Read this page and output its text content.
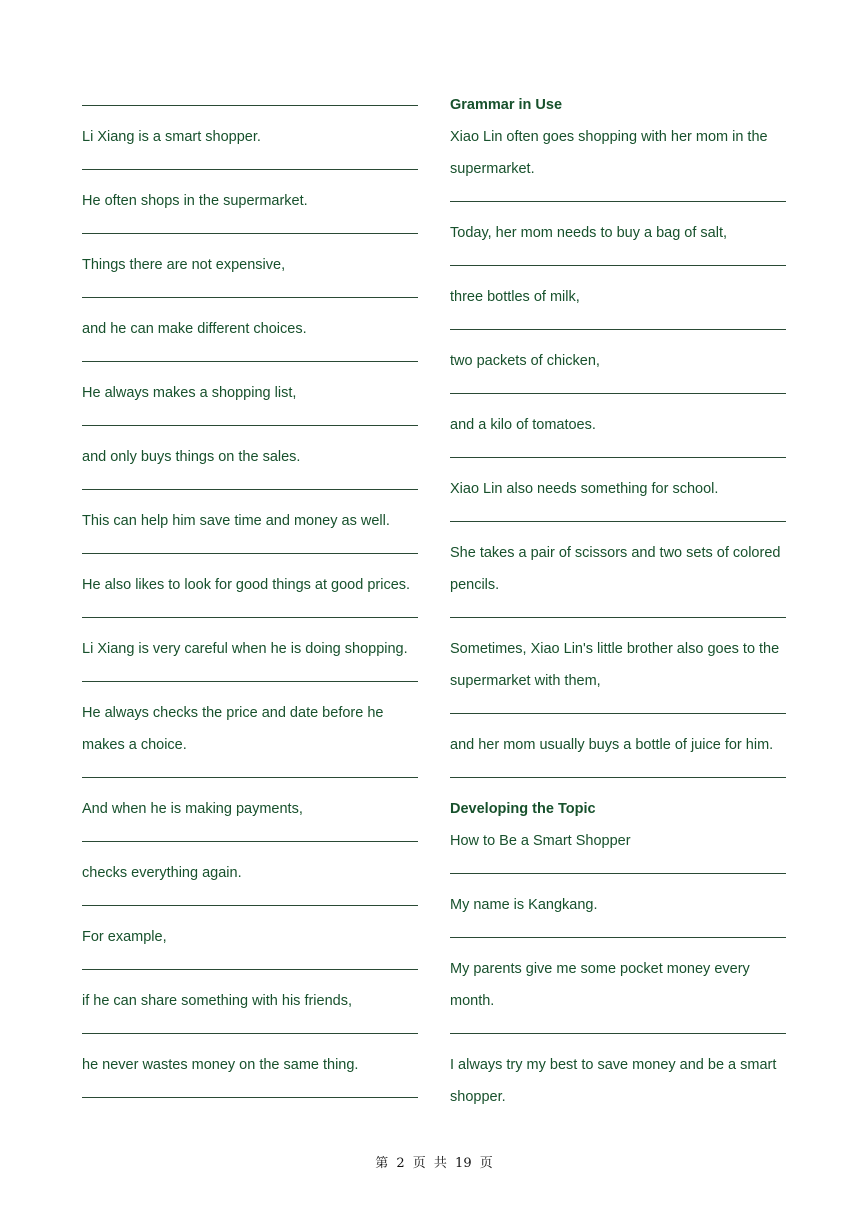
Li Xiang is a smart shopper.
He often shops in the supermarket.
Things there are not expensive,
and he can make different choices.
He always makes a shopping list,
and only buys things on the sales.
This can help him save time and money as well.
He also likes to look for good things at good prices.
Li Xiang is very careful when he is doing shopping.
He always checks the price and date before he makes a choice.
And when he is making payments,
checks everything again.
For example,
if he can share something with his friends,
he never wastes money on the same thing.
Grammar in Use
Xiao Lin often goes shopping with her mom in the supermarket.
Today, her mom needs to buy a bag of salt,
three bottles of milk,
two packets of chicken,
and a kilo of tomatoes.
Xiao Lin also needs something for school.
She takes a pair of scissors and two sets of colored pencils.
Sometimes, Xiao Lin's little brother also goes to the supermarket with them,
and her mom usually buys a bottle of juice for him.
Developing the Topic
How to Be a Smart Shopper
My name is Kangkang.
My parents give me some pocket money every month.
I always try my best to save money and be a smart shopper.
第 2 页 共 19 页
